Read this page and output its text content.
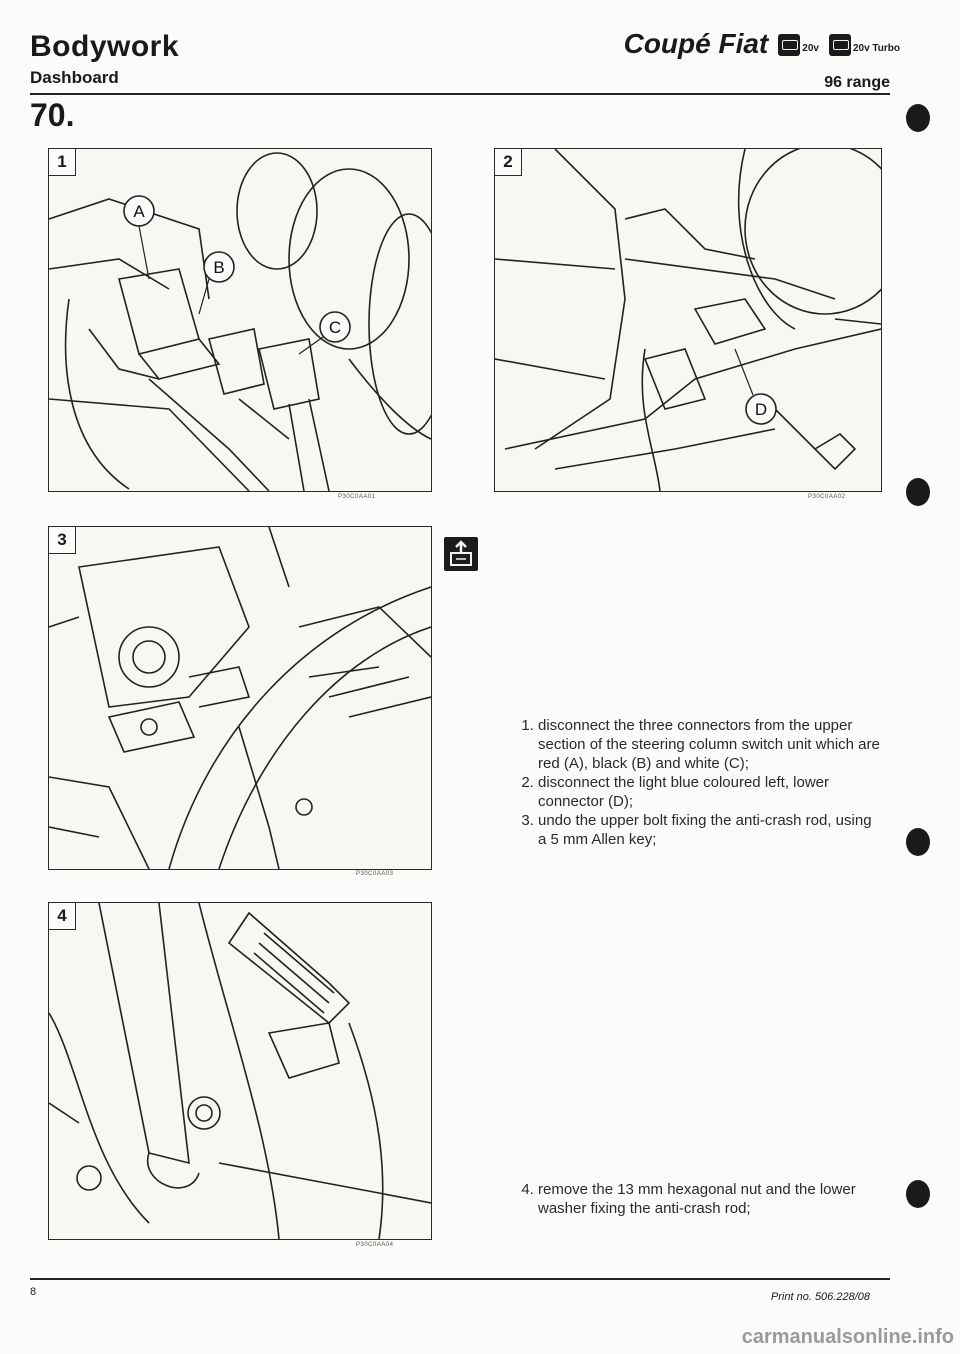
Bodywork
Dashboard
70.
Coupé Fiat	20v	20v Turbo
96 range
A
B
C
1
P30C0AA01
D
2
P30C0AA02
3
P30C0AA03
4
P30C0AA04
1. disconnect the three connectors from the upper section of the steering column switch unit which are red (A), black (B) and white (C);
2. disconnect the light blue coloured left, lower connector (D);
3. undo the upper bolt fixing the anti-crash rod, using a 5 mm Allen key;
4. remove the 13 mm hexagonal nut and the lower washer fixing the anti-crash rod;
8	Print no. 506.228/08
carmanualsonline.info
